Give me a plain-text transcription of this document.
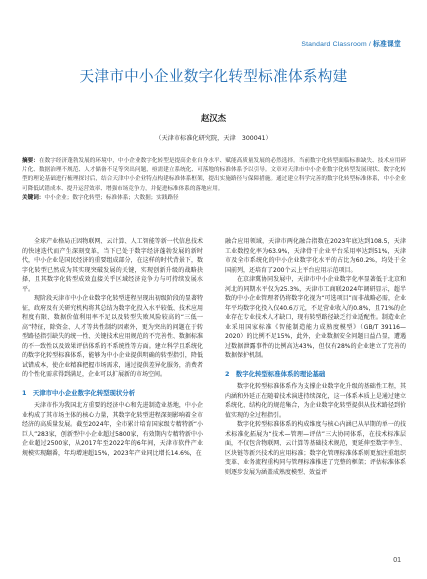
Standard Classroom / 标准课堂
天津市中小企业数字化转型标准体系构建
赵汉杰
（天津市标准化研究院，天津　300041）
摘要：在数字经济蓬勃发展的环境中，中小企业数字化转型是提高企业自身水平、赋能高质量发展的必然选择。当前数字化转型面临标准缺失、技术应用碎片化、数据治理不规范、人才储备不足等突出问题，亟需建立系统化、可落地的标准体系予以引导。文章对天津市中小企业数字化转型发展现状、数字化转型的理论基础进行梳理探讨后，结合天津中小企业特点构建标准体系框架，提出实施路径与保障措施。通过建立科学完善的数字化转型标准体系，中小企业可降低试错成本、提升运营效率、增强市场竞争力，并促进标准体系的落地应用。
关键词：中小企业；数字化转型；标准体系；大数据；实践路径

全球产业格局正因物联网、云计算、人工智能等新一代信息技术的快速迭代而产生深刻变革，当下已处于数字经济蓬勃发展的新时代，中小企业是国民经济的重要组成部分，在这样的时代背景下，数字化转型已然成为其实现突破发展的关键，实现创新升级的战略抉择，且其数字化转型成效直接关乎区域经济竞争力与可持续发展水平。

现阶段天津市中小企业数字化转型进程呈现出初级阶段的显著特征，政府及有关研究机构将其总结为数字化投入水平较低、技术应用程度有限、数据价值利用率不足以及转型失败风险较高的“三低一高”特征，除资金、人才等共性制约因素外，更为突出的问题在于转型路径指引缺失的统一性、关键技术应用规范的不完善性、数据标准的不一致性以及效果评估体系的不系统性等方面。建立科学且系统化的数字化转型标准体系，能够为中小企业提供明确的转型指引，降低试错成本，使企业精准把握市场需求，通过提供差异化服务，消费者的个性化需求得到满足，企业可以扩展新的市场空间。

1　天津市中小企业数字化转型现状分析

天津市作为我国北方重要的经济中心和先进制造业基地，中小企业构成了其市场主体的核心力量，其数字化转型进程深刻影响着全市经济的高质量发展。截至2024年，全市累计培育国家级专精特新“小巨人”283家，创新型中小企业超过5800家，有效期内专精特新中小企业超过2500家，从2017年至2022年的6年间，天津市软件产业规模实现翻番，年均增速超15%，2023年产业同比增长14.6%，在

融合应用领域，天津市两化融合指数在2023年底达到108.5，天津工业数控化率为63.9%，天津骨干企业平台采用率达到51%，天津市及全市系统化的中小企业数字化水平的占比为60.2%，均处于全国前列，还培育了200个云上平台应用示范项目。

在京津冀协同发展中，天津市中小企业数字化率显著低于北京和河北的同期水平仅为25.3%，天津市工商联2024年调研显示，超半数的中小企业管理者仍将数字化视为“可选项目”而非战略必需，企业年平均数字化投入仅40.6万元，不足营业收入的0.8%，且71%的企业存在专业技术人才缺口，现有转型路径缺乏行业适配性。制造业企业采用国家标准《智能制造能力成熟度模型》（GB/T 39116—2020）的比例不足15%，此外，企业数据安全问题日益凸显，遭遇过数据泄露事件的比例高达43%，但仅有28%的企业建立了完善的数据保护机制。

2　数字化转型标准体系的理论基础

数字化转型标准体系作为支撑企业数字化升级的基础性工程，其内涵和外延正在随着技术演进持续深化，这一体系本质上是通过建立系统化、结构化的规范集合，为企业数字化转型提供从技术路径到价值实现的全过程指引。

数字化转型标准体系的构成维度与核心内涵已从早期的单一的技术标准化拓展为“技术—管理—评估”三大协同体系，在技术标准层面，不仅包含物联网、云计算等基础技术规范，更延伸至数字孪生、区块链等新兴技术的应用标准；数字化管理标准体系则更加注重组织变革、业务流程重构同与管理标准推进了完整的框架；评估标准体系则逐步发展为涵盖成熟度模型、效益评

01
